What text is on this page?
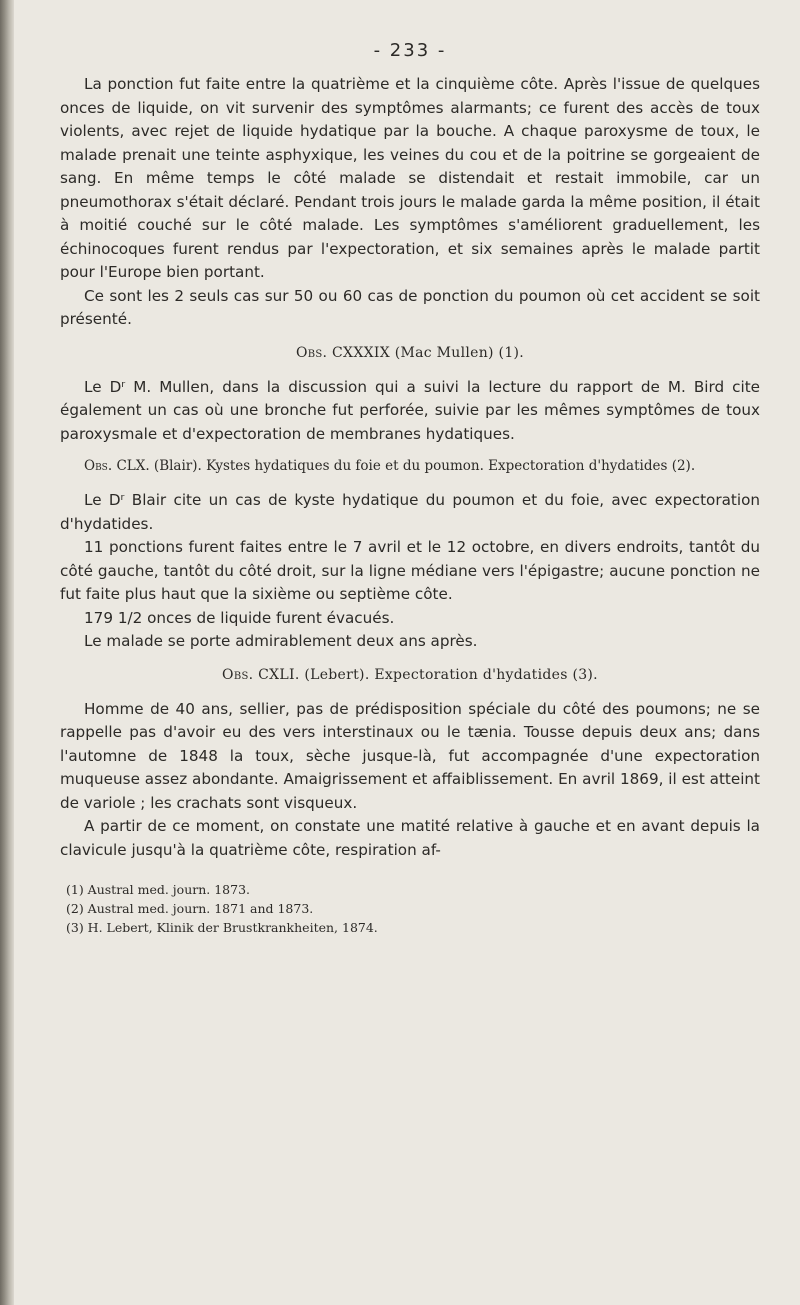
- 233 -

La ponction fut faite entre la quatrième et la cinquième côte. Après l'issue de quelques onces de liquide, on vit survenir des symptômes alarmants; ce furent des accès de toux violents, avec rejet de liquide hydatique par la bouche. A chaque paroxysme de toux, le malade prenait une teinte asphyxique, les veines du cou et de la poitrine se gorgeaient de sang. En même temps le côté malade se distendait et restait immobile, car un pneumothorax s'était déclaré. Pendant trois jours le malade garda la même position, il était à moitié couché sur le côté malade. Les symptômes s'améliorent graduellement, les échinocoques furent rendus par l'expectoration, et six semaines après le malade partit pour l'Europe bien portant.

Ce sont les 2 seuls cas sur 50 ou 60 cas de ponction du poumon où cet accident se soit présenté.

Obs. CXXXIX (Mac Mullen) (1).

Le Dʳ M. Mullen, dans la discussion qui a suivi la lecture du rapport de M. Bird cite également un cas où une bronche fut perforée, suivie par les mêmes symptômes de toux paroxysmale et d'expectoration de membranes hydatiques.

Obs. CLX. (Blair). Kystes hydatiques du foie et du poumon. Expectoration d'hydatides (2).

Le Dʳ Blair cite un cas de kyste hydatique du poumon et du foie, avec expectoration d'hydatides.

11 ponctions furent faites entre le 7 avril et le 12 octobre, en divers endroits, tantôt du côté gauche, tantôt du côté droit, sur la ligne médiane vers l'épigastre; aucune ponction ne fut faite plus haut que la sixième ou septième côte.

179 1/2 onces de liquide furent évacués.

Le malade se porte admirablement deux ans après.

Obs. CXLI. (Lebert). Expectoration d'hydatides (3).

Homme de 40 ans, sellier, pas de prédisposition spéciale du côté des poumons; ne se rappelle pas d'avoir eu des vers interstinaux ou le tænia. Tousse depuis deux ans; dans l'automne de 1848 la toux, sèche jusque-là, fut accompagnée d'une expectoration muqueuse assez abondante. Amaigrissement et affaiblissement. En avril 1869, il est atteint de variole ; les crachats sont visqueux.

A partir de ce moment, on constate une matité relative à gauche et en avant depuis la clavicule jusqu'à la quatrième côte, respiration af-

(1) Austral med. journ. 1873.
(2) Austral med. journ. 1871 and 1873.
(3) H. Lebert, Klinik der Brustkrankheiten, 1874.
